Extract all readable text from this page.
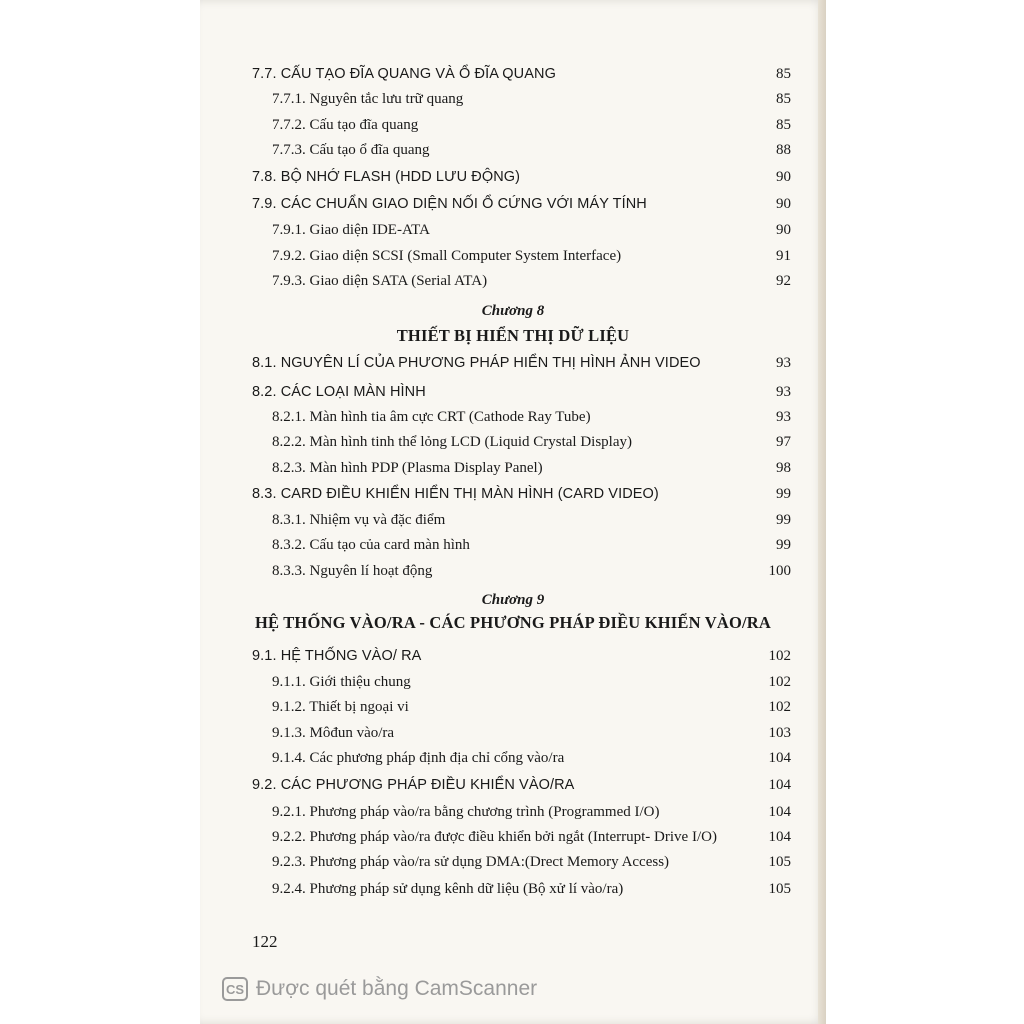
7.7. CẤU TẠO ĐĨA QUANG VÀ Ổ ĐĨA QUANG	85
7.7.1. Nguyên tắc lưu trữ quang	85
7.7.2. Cấu tạo đĩa quang	85
7.7.3. Cấu tạo ổ đĩa quang	88
7.8. BỘ NHỚ FLASH (HDD LƯU ĐỘNG)	90
7.9. CÁC CHUẨN GIAO DIỆN NỐI Ổ CỨNG VỚI MÁY TÍNH	90
7.9.1. Giao diện IDE-ATA	90
7.9.2. Giao diện SCSI (Small Computer System Interface)	91
7.9.3. Giao diện SATA (Serial ATA)	92
Chương 8
THIẾT BỊ HIỂN THỊ DỮ LIỆU
8.1. NGUYÊN LÍ CỦA PHƯƠNG PHÁP HIỂN THỊ HÌNH ẢNH VIDEO	93
8.2. CÁC LOẠI MÀN HÌNH	93
8.2.1. Màn hình tia âm cực CRT (Cathode Ray Tube)	93
8.2.2. Màn hình tinh thể lỏng LCD (Liquid Crystal Display)	97
8.2.3. Màn hình PDP (Plasma Display Panel)	98
8.3. CARD ĐIỀU KHIỂN HIỂN THỊ MÀN HÌNH (CARD VIDEO)	99
8.3.1. Nhiệm vụ và đặc điểm	99
8.3.2. Cấu tạo của card màn hình	99
8.3.3. Nguyên lí hoạt động	100
Chương 9
HỆ THỐNG VÀO/RA - CÁC PHƯƠNG PHÁP ĐIỀU KHIỂN VÀO/RA
9.1. HỆ THỐNG VÀO/ RA	102
9.1.1. Giới thiệu chung	102
9.1.2. Thiết bị ngoại vi	102
9.1.3. Môđun vào/ra	103
9.1.4. Các phương pháp định địa chỉ cổng vào/ra	104
9.2. CÁC PHƯƠNG PHÁP ĐIỀU KHIỂN VÀO/RA	104
9.2.1. Phương pháp vào/ra bằng chương trình (Programmed I/O)	104
9.2.2. Phương pháp vào/ra được điều khiển bởi ngắt (Interrupt- Drive I/O)	104
9.2.3. Phương pháp vào/ra sử dụng DMA:(Drect Memory Access)	105
9.2.4. Phương pháp sử dụng kênh dữ liệu (Bộ xử lí vào/ra)	105
122
CS Được quét bằng CamScanner
